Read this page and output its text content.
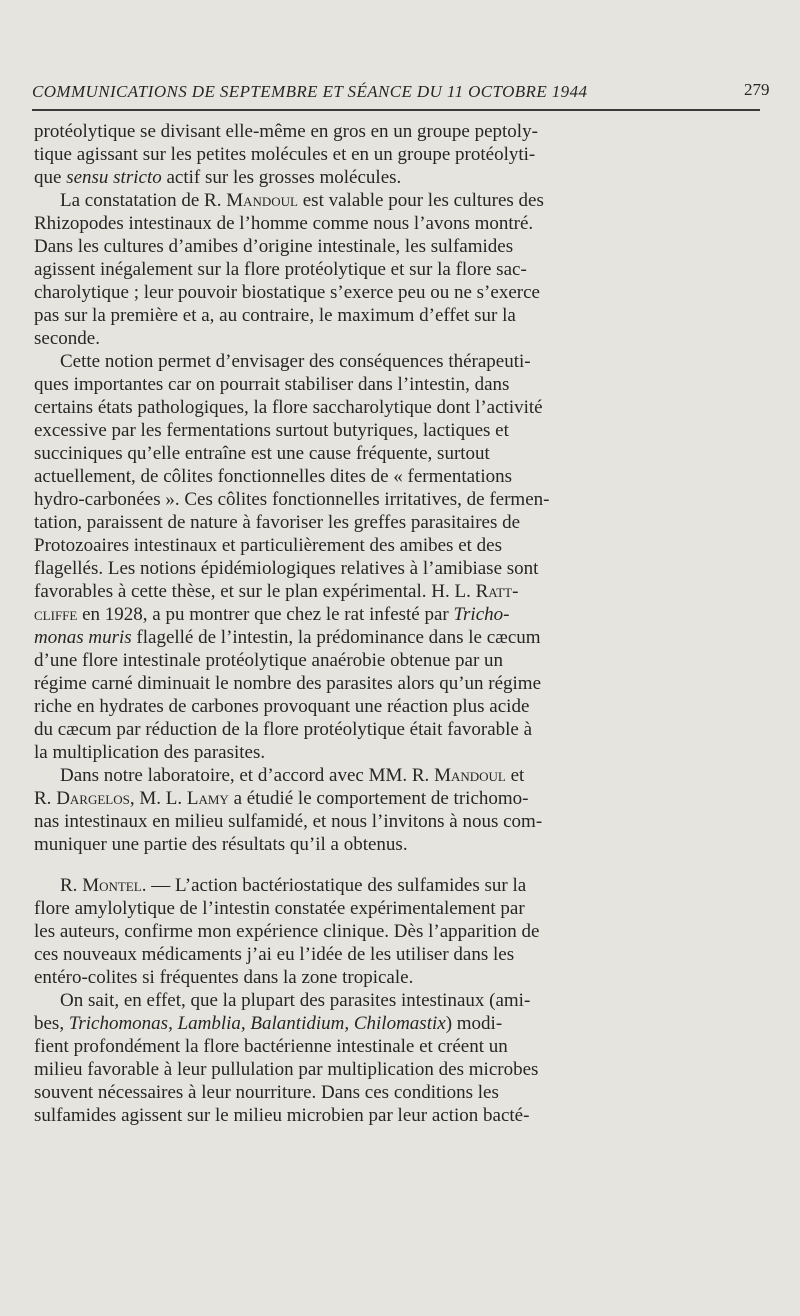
COMMUNICATIONS DE SEPTEMBRE ET SÉANCE DU 11 OCTOBRE 1944	279
protéolytique se divisant elle-même en gros en un groupe peptoly-
tique agissant sur les petites molécules et en un groupe protéolyti-
que sensu stricto actif sur les grosses molécules.
La constatation de R. Mandoul est valable pour les cultures des
Rhizopodes intestinaux de l’homme comme nous l’avons montré.
Dans les cultures d’amibes d’origine intestinale, les sulfamides
agissent inégalement sur la flore protéolytique et sur la flore sac-
charolytique ; leur pouvoir biostatique s’exerce peu ou ne s’exerce
pas sur la première et a, au contraire, le maximum d’effet sur la
seconde.
Cette notion permet d’envisager des conséquences thérapeuti-
ques importantes car on pourrait stabiliser dans l’intestin, dans
certains états pathologiques, la flore saccharolytique dont l’activité
excessive par les fermentations surtout butyriques, lactiques et
succiniques qu’elle entraîne est une cause fréquente, surtout
actuellement, de côlites fonctionnelles dites de « fermentations
hydro-carbonées ». Ces côlites fonctionnelles irritatives, de fermen-
tation, paraissent de nature à favoriser les greffes parasitaires de
Protozoaires intestinaux et particulièrement des amibes et des
flagellés. Les notions épidémiologiques relatives à l’amibiase sont
favorables à cette thèse, et sur le plan expérimental. H. L. Ratt-
cliffe en 1928, a pu montrer que chez le rat infesté par Tricho-
monas muris flagellé de l’intestin, la prédominance dans le cæcum
d’une flore intestinale protéolytique anaérobie obtenue par un
régime carné diminuait le nombre des parasites alors qu’un régime
riche en hydrates de carbones provoquant une réaction plus acide
du cæcum par réduction de la flore protéolytique était favorable à
la multiplication des parasites.
Dans notre laboratoire, et d’accord avec MM. R. Mandoul et
R. Dargelos, M. L. Lamy a étudié le comportement de trichomo-
nas intestinaux en milieu sulfamidé, et nous l’invitons à nous com-
muniquer une partie des résultats qu’il a obtenus.
R. Montel. — L’action bactériostatique des sulfamides sur la
flore amylolytique de l’intestin constatée expérimentalement par
les auteurs, confirme mon expérience clinique. Dès l’apparition de
ces nouveaux médicaments j’ai eu l’idée de les utiliser dans les
entéro-colites si fréquentes dans la zone tropicale.
On sait, en effet, que la plupart des parasites intestinaux (ami-
bes, Trichomonas, Lamblia, Balantidium, Chilomastix) modi-
fient profondément la flore bactérienne intestinale et créent un
milieu favorable à leur pullulation par multiplication des microbes
souvent nécessaires à leur nourriture. Dans ces conditions les
sulfamides agissent sur le milieu microbien par leur action bacté-
